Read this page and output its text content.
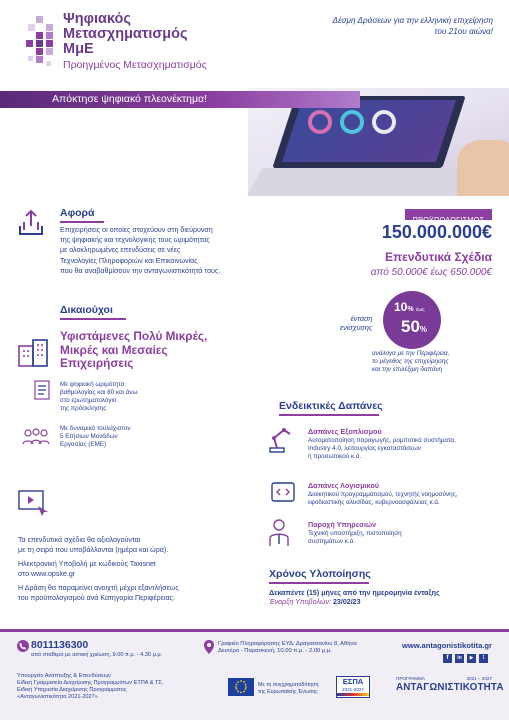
Ψηφιακός
Μετασχηματισμός
ΜμΕ
Προηγμένος Μετασχηματισμός
Δέσμη Δράσεων για την ελληνική επιχείρηση
του 21ου αιώνα!
Απόκτησε ψηφιακό πλεονέκτημα!
Αφορά
Επιχειρήσεις οι οποίες στοχεύουν στη διεύρυνση
της ψηφιακής και τεχνολογικής τους ωριμότητας
με ολοκληρωμένες επενδύσεις σε νέες
Τεχνολογίες Πληροφοριών και Επικοινωνίας
που θα αναβαθμίσουν την ανταγωνιστικότητά τους.
ΠΡΟΫΠΟΛΟΓΙΣΜΟΣ
150.000.000€
Επενδυτικά Σχέδια
από 50.000€ έως 650.000€
ένταση
ενίσχυσης
10% έως
50%
ανάλογα με την Περιφέρεια,
το μέγεθος της επιχείρησης
και την επιλέξιμη δαπάνη
Δικαιούχοι
Υφιστάμενες Πολύ Μικρές,
Μικρές και Μεσαίες
Επιχειρήσεις
Με ψηφιακή ωριμότητα
βαθμολογίας και 80 και άνω
στο ερωτηματολόγιο
της πρόσκλησης
Με δυναμικό τουλάχιστον
5 Ετήσιων Μονάδων
Εργασίας (ΕΜΕ)
Ενδεικτικές Δαπάνες
Δαπάνες Εξοπλισμού
Αυτοματοποίηση παραγωγής, ρομποτικά συστήματα,
Industry 4.0, λειτουργίας εγκαταστάσεων
ή προσωπικού κ.ά.
Δαπάνες Λογισμικού
Διοικητικού προγραμματισμού, τεχνητής νοημοσύνης,
εφοδιαστικής αλυσίδας, κυβερνοασφάλειας κ.ά.
Παροχή Υπηρεσιών
Τεχνική υποστήριξη, πιστοποίηση
συστημάτων κ.ά.
Τα επενδυτικά σχέδια θα αξιολογούνται
με τη σειρά που υποβάλλονται (ημέρα και ώρα).
Ηλεκτρονική Υποβολή με κωδικούς Taxisnet
στο www.opske.gr
Η Δράση θα παραμείνει ανοιχτή μέχρι εξαντλήσεως
του προϋπολογισμού ανά Κατηγορία Περιφέρειας.
Χρόνος Υλοποίησης
Δεκαπέντε (15) μήνες από την ημερομηνία ένταξης
Έναρξη Υποβολών: 23/02/23
8011136300
από σταθερό με αστική χρέωση, 9.00 π.μ. - 4.30 μ.μ.
Γραφείο Πληροφόρησης ΕΥΔ: Δραγατσανίου 8, Αθήνα
Δευτέρα - Παρασκευή, 10.00 π.μ. - 2.00 μ.μ.
www.antagonistikotita.gr
f	in	▶	t
Υπουργείο Ανάπτυξης & Επενδύσεων
Ειδική Γραμματεία Διαχείρισης Προγραμμάτων ΕΤΠΑ & ΤΣ,
Ειδική Υπηρεσία Διαχείρισης Προγράμματος
«Ανταγωνιστικότητα 2021-2027»
Με τη συγχρηματοδότηση
της Ευρωπαϊκής Ένωσης
ΕΣΠΑ
2021-2027
ΠΡΟΓΡΑΜΜΑ	2021 – 2027
ΑΝΤΑΓΩΝΙΣΤΙΚΟΤΗΤΑ
